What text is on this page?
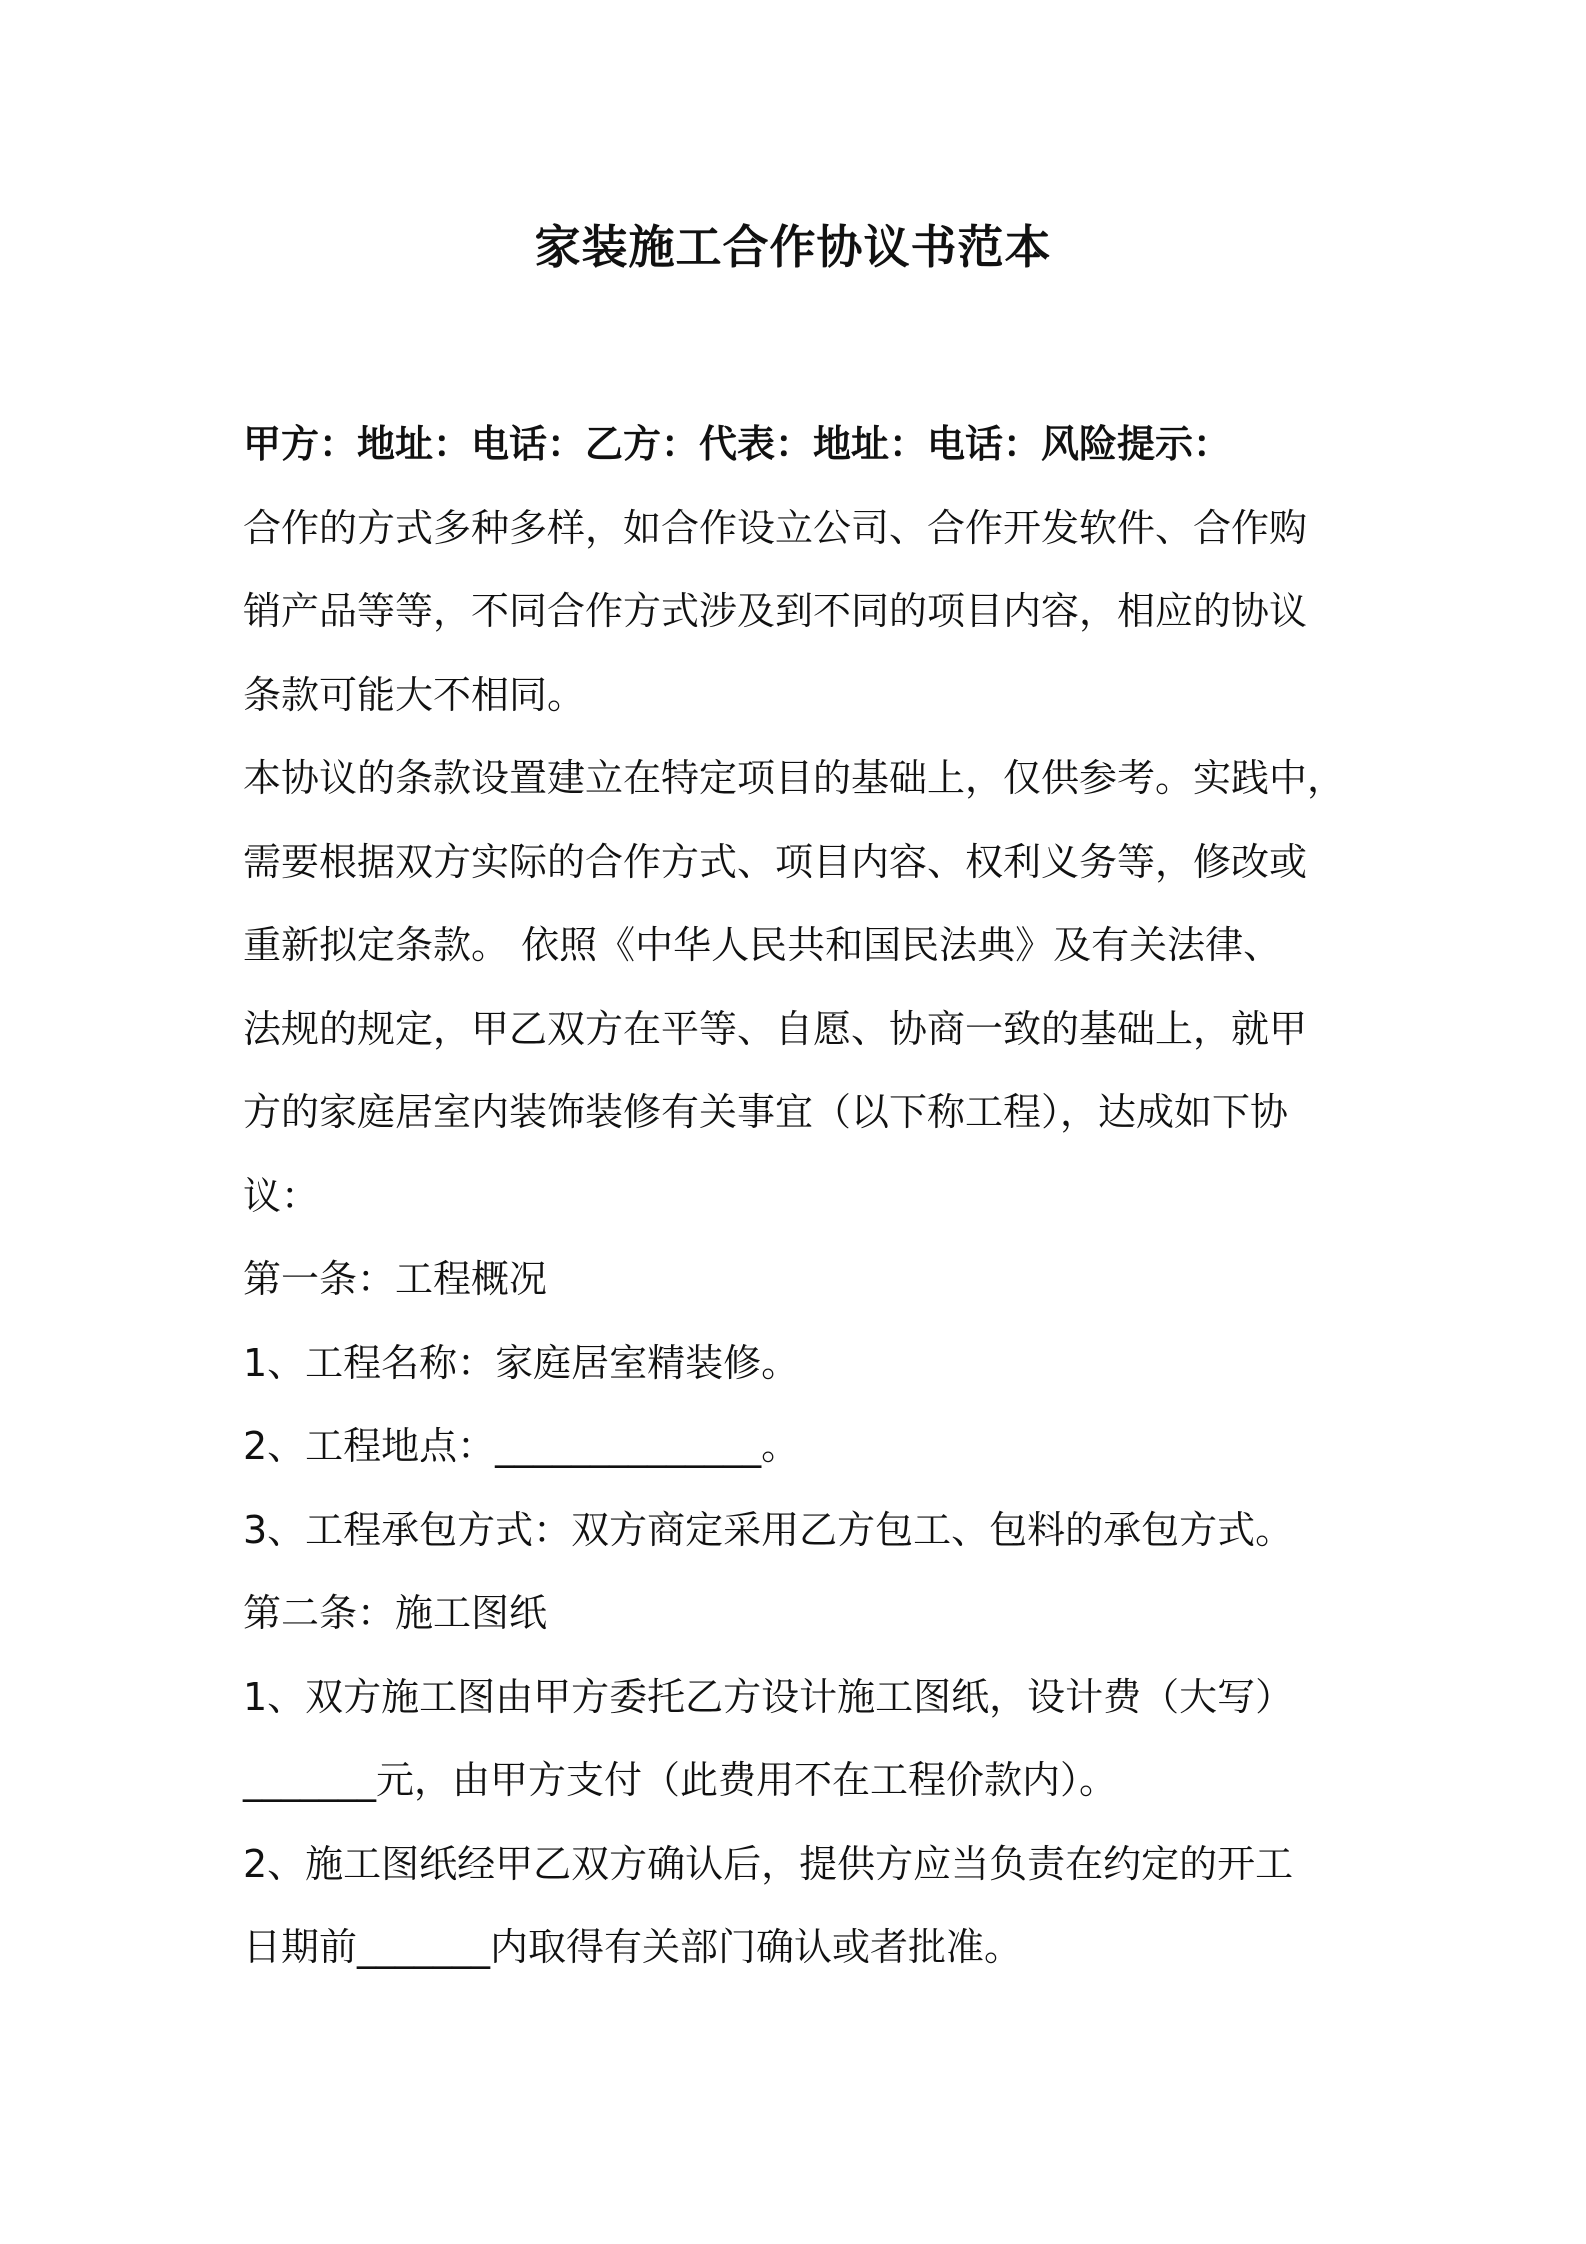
家装施工合作协议书范本
甲方：地址：电话：乙方：代表：地址：电话：风险提示：
合作的方式多种多样，如合作设立公司、合作开发软件、合作购
销产品等等，不同合作方式涉及到不同的项目内容，相应的协议
条款可能大不相同。
本协议的条款设置建立在特定项目的基础上，仅供参考。实践中，
需要根据双方实际的合作方式、项目内容、权利义务等，修改或
重新拟定条款。 依照《中华人民共和国民法典》及有关法律、
法规的规定，甲乙双方在平等、自愿、协商一致的基础上，就甲
方的家庭居室内装饰装修有关事宜（以下称工程），达成如下协
议：
第一条：工程概况
1、工程名称：家庭居室精装修。
2、工程地点：______________。
3、工程承包方式：双方商定采用乙方包工、包料的承包方式。
第二条：施工图纸
1、双方施工图由甲方委托乙方设计施工图纸，设计费（大写）
_______元，由甲方支付（此费用不在工程价款内）。
2、施工图纸经甲乙双方确认后，提供方应当负责在约定的开工
日期前_______内取得有关部门确认或者批准。
